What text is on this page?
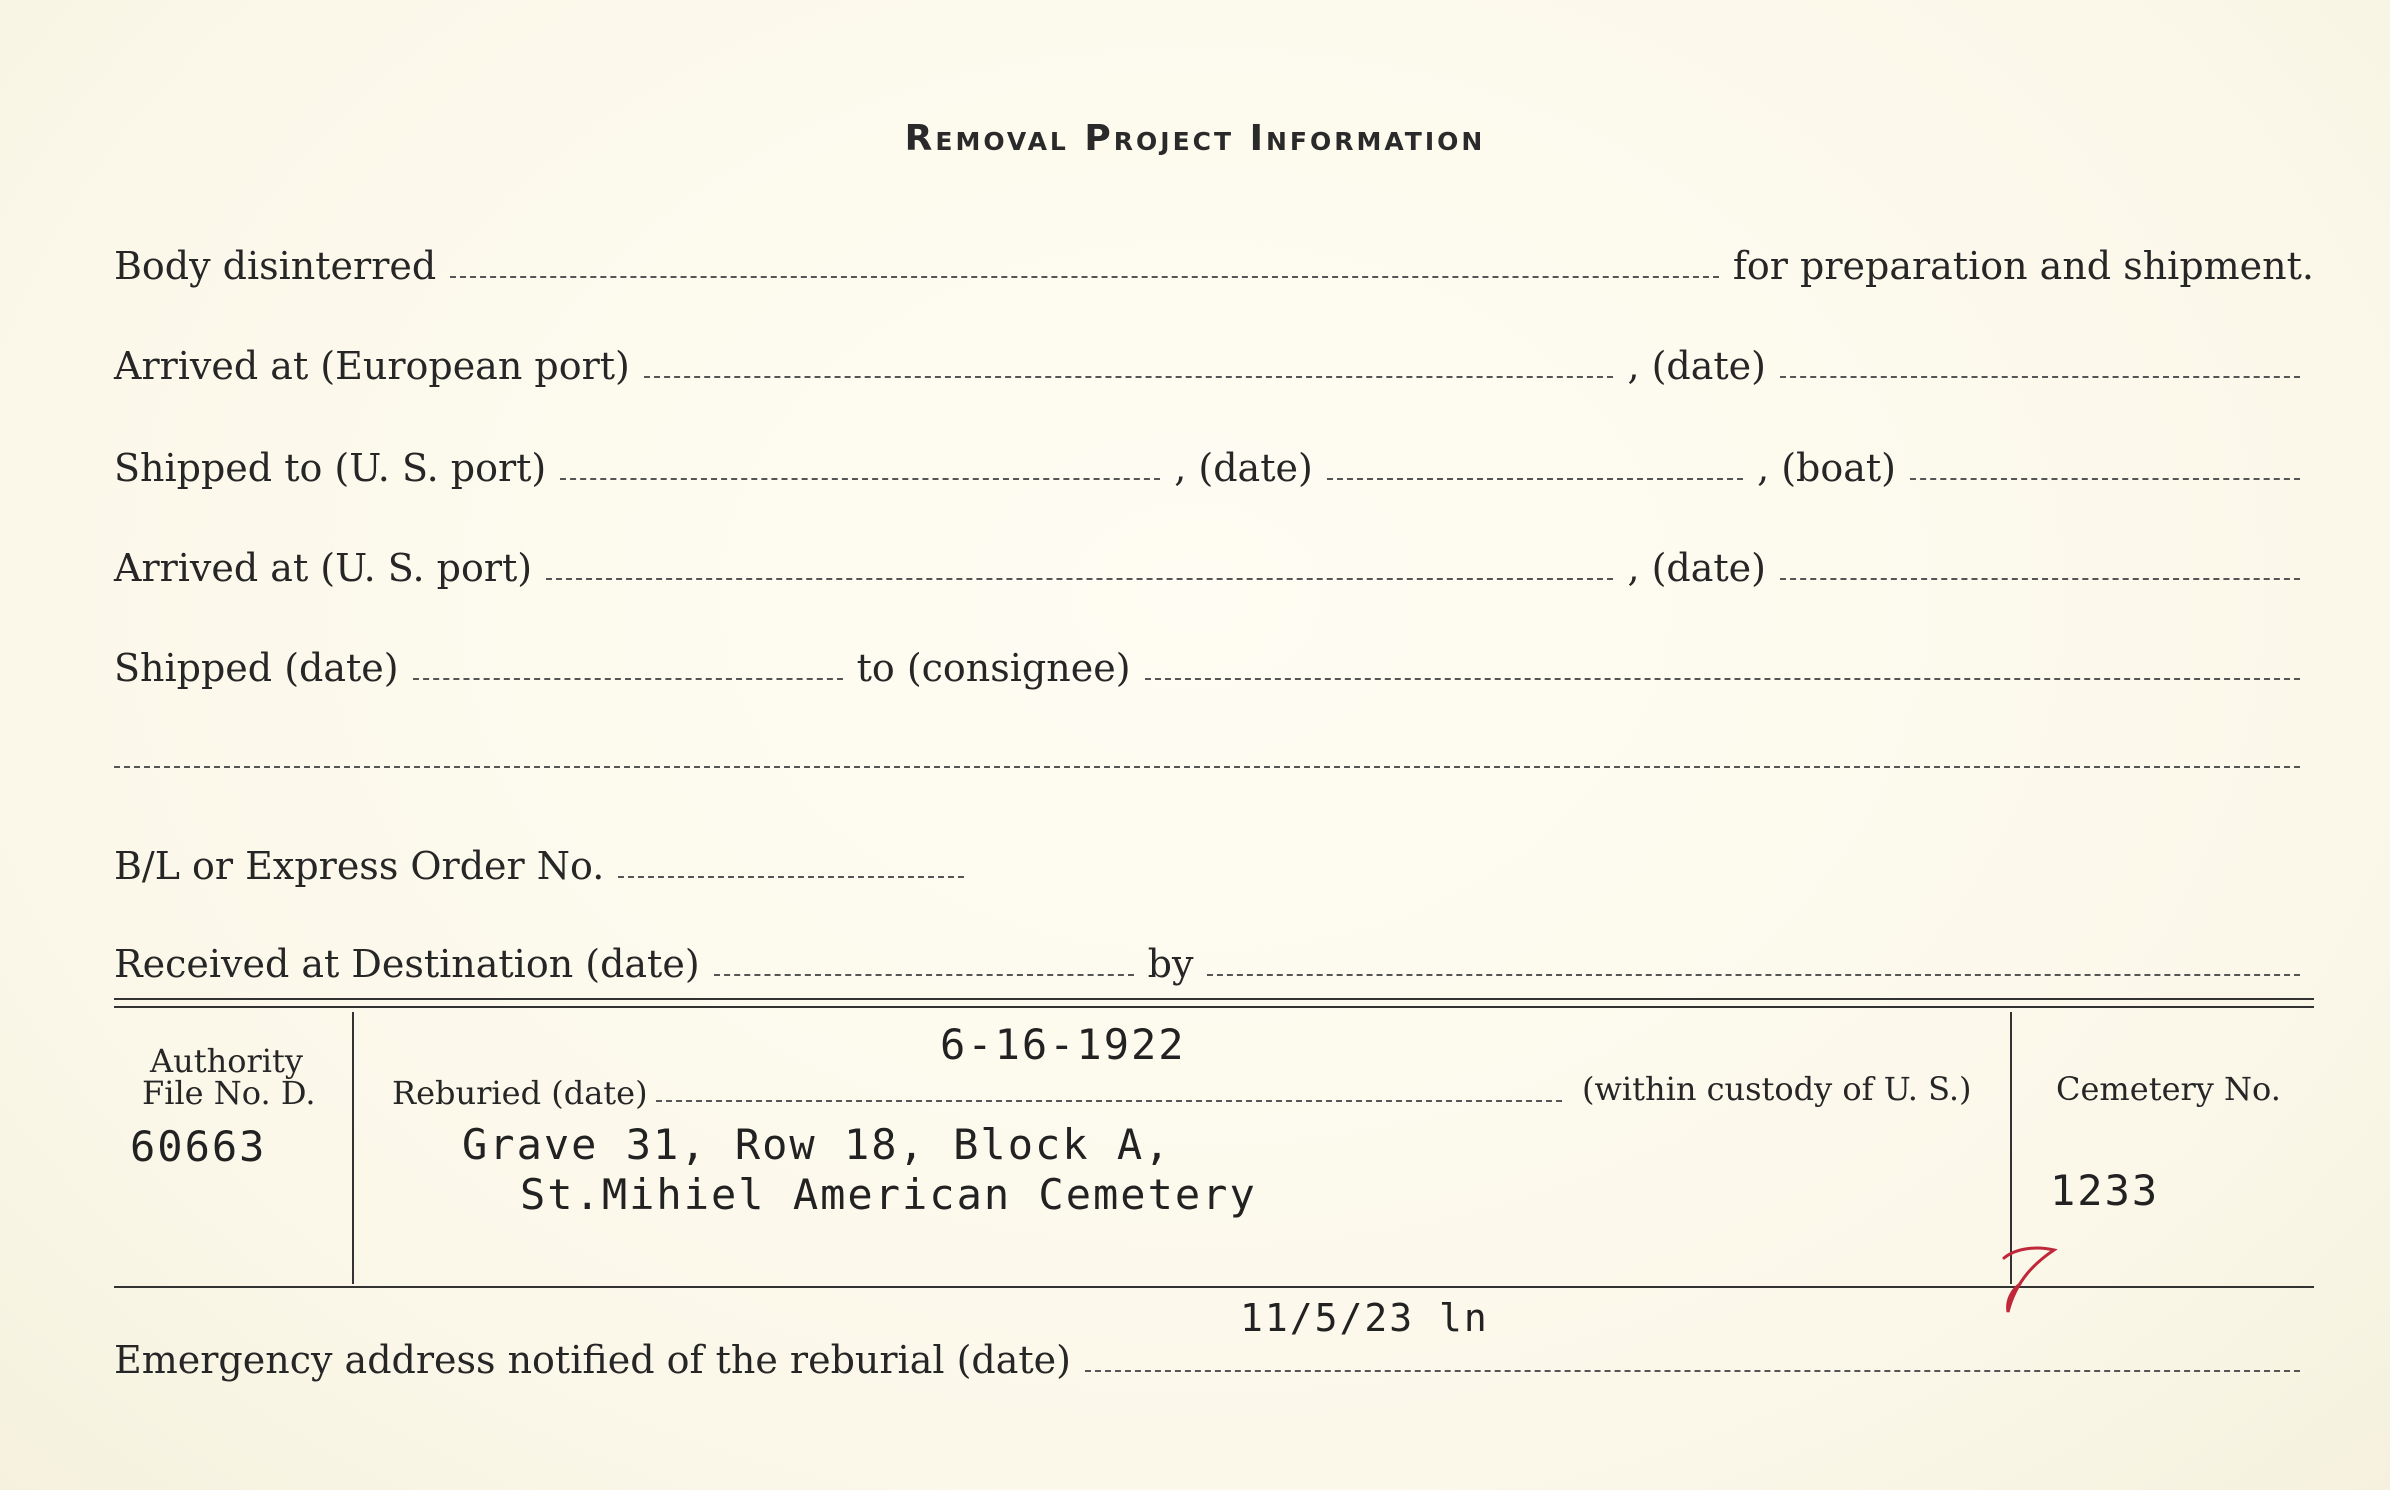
Removal Project Information
Body disinterred	for preparation and shipment.
Arrived at (European port)	, (date)
Shipped to (U. S. port)	, (date)	, (boat)
Arrived at (U. S. port)	, (date)
Shipped (date)	to (consignee)
B/L or Express Order No.
Received at Destination (date)	by
Authority
File No. D.
60663
6-16-1922
Reburied (date)	(within custody of U. S.)
Grave 31, Row 18, Block A,
St.Mihiel American Cemetery
Cemetery No.
1233
11/5/23 ln
Emergency address notified of the reburial (date)
